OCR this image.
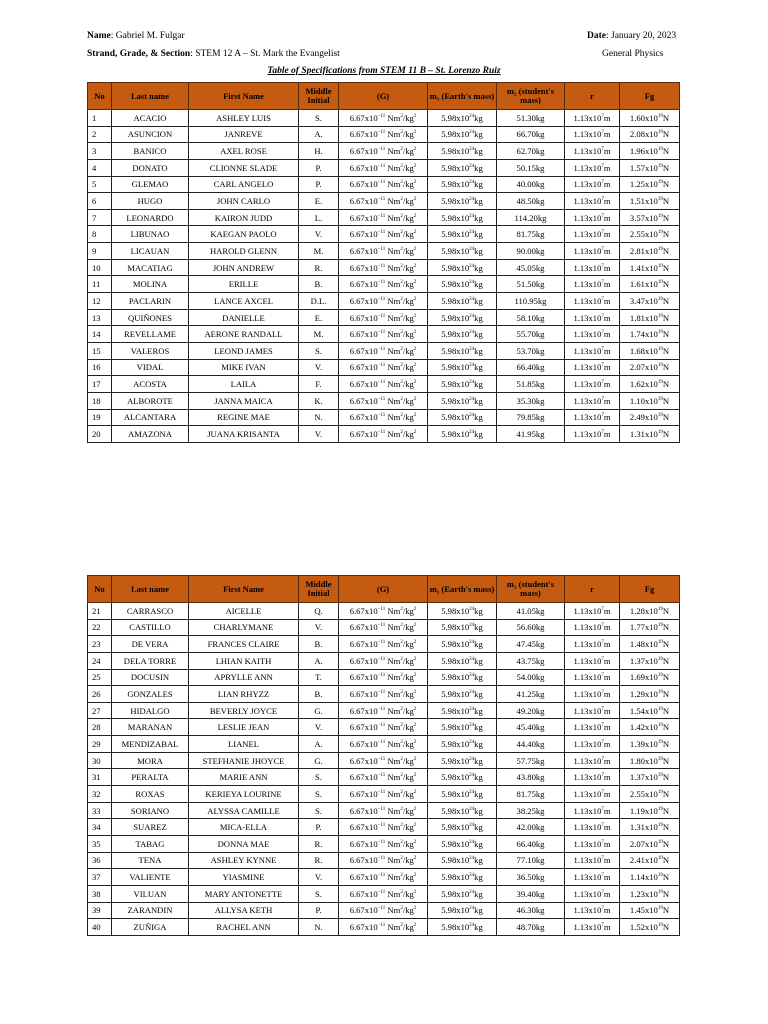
Name: Gabriel M. Fulgar	Date: January 20, 2023
Strand, Grade, & Section: STEM 12 A – St. Mark the Evangelist	General Physics
Table of Specifications from STEM 11 B – St. Lorenzo Ruiz
No	Last name	First Name	Middle Initial	(G)	m₁ (Earth's mass)	m₂ (student's mass)	r	Fg
1	ACACIO	ASHLEY LUIS	S.	$6.67x10^{-11}$ $Nm^2/kg^2$	$5.98x10^{24}kg$	51.30kg	$1.13x10^7m$	$1.60x10^{19}N$
2	ASUNCION	JANREVE	A.	$6.67x10^{-11}$ $Nm^2/kg^2$	$5.98x10^{24}kg$	66.70kg	$1.13x10^7m$	$2.08x10^{19}N$
3	BANICO	AXEL ROSE	H.	$6.67x10^{-11}$ $Nm^2/kg^2$	$5.98x10^{24}kg$	62.70kg	$1.13x10^7m$	$1.96x10^{19}N$
4	DONATO	CLIONNE SLADE	P.	$6.67x10^{-11}$ $Nm^2/kg^2$	$5.98x10^{24}kg$	50.15kg	$1.13x10^7m$	$1.57x10^{19}N$
5	GLEMAO	CARL ANGELO	P.	$6.67x10^{-11}$ $Nm^2/kg^2$	$5.98x10^{24}kg$	40.00kg	$1.13x10^7m$	$1.25x10^{19}N$
6	HUGO	JOHN CARLO	E.	$6.67x10^{-11}$ $Nm^2/kg^2$	$5.98x10^{24}kg$	48.50kg	$1.13x10^7m$	$1.51x10^{19}N$
7	LEONARDO	KAIRON JUDD	L.	$6.67x10^{-11}$ $Nm^2/kg^2$	$5.98x10^{24}kg$	114.20kg	$1.13x10^7m$	$3.57x10^{19}N$
8	LIBUNAO	KAEGAN PAOLO	V.	$6.67x10^{-11}$ $Nm^2/kg^2$	$5.98x10^{24}kg$	81.75kg	$1.13x10^7m$	$2.55x10^{19}N$
9	LICAUAN	HAROLD GLENN	M.	$6.67x10^{-11}$ $Nm^2/kg^2$	$5.98x10^{24}kg$	90.00kg	$1.13x10^7m$	$2.81x10^{19}N$
10	MACATIAG	JOHN ANDREW	R.	$6.67x10^{-11}$ $Nm^2/kg^2$	$5.98x10^{24}kg$	45.05kg	$1.13x10^7m$	$1.41x10^{19}N$
11	MOLINA	ERILLE	B.	$6.67x10^{-11}$ $Nm^2/kg^2$	$5.98x10^{24}kg$	51.50kg	$1.13x10^7m$	$1.61x10^{19}N$
12	PACLARIN	LANCE AXCEL	D.L.	$6.67x10^{-11}$ $Nm^2/kg^2$	$5.98x10^{24}kg$	110.95kg	$1.13x10^7m$	$3.47x10^{19}N$
13	QUIÑONES	DANIELLE	E.	$6.67x10^{-11}$ $Nm^2/kg^2$	$5.98x10^{24}kg$	58.10kg	$1.13x10^7m$	$1.81x10^{19}N$
14	REVELLAME	AERONE RANDALL	M.	$6.67x10^{-11}$ $Nm^2/kg^2$	$5.98x10^{24}kg$	55.70kg	$1.13x10^7m$	$1.74x10^{19}N$
15	VALEROS	LEOND JAMES	S.	$6.67x10^{-11}$ $Nm^2/kg^2$	$5.98x10^{24}kg$	53.70kg	$1.13x10^7m$	$1.68x10^{19}N$
16	VIDAL	MIKE IVAN	V.	$6.67x10^{-11}$ $Nm^2/kg^2$	$5.98x10^{24}kg$	66.40kg	$1.13x10^7m$	$2.07x10^{19}N$
17	ACOSTA	LAILA	F.	$6.67x10^{-11}$ $Nm^2/kg^2$	$5.98x10^{24}kg$	51.85kg	$1.13x10^7m$	$1.62x10^{19}N$
18	ALBOROTE	JANNA MAICA	K.	$6.67x10^{-11}$ $Nm^2/kg^2$	$5.98x10^{24}kg$	35.30kg	$1.13x10^7m$	$1.10x10^{19}N$
19	ALCANTARA	REGINE MAE	N.	$6.67x10^{-11}$ $Nm^2/kg^2$	$5.98x10^{24}kg$	79.85kg	$1.13x10^7m$	$2.49x10^{19}N$
20	AMAZONA	JUANA KRISANTA	V.	$6.67x10^{-11}$ $Nm^2/kg^2$	$5.98x10^{24}kg$	41.95kg	$1.13x10^7m$	$1.31x10^{19}N$
No	Last name	First Name	Middle Initial	(G)	m₁ (Earth's mass)	m₂ (student's mass)	r	Fg
21	CARRASCO	AICELLE	Q.	$6.67x10^{-11}$ $Nm^2/kg^2$	$5.98x10^{24}kg$	41.05kg	$1.13x10^7m$	$1.28x10^{19}N$
22	CASTILLO	CHARLYMANE	V.	$6.67x10^{-11}$ $Nm^2/kg^2$	$5.98x10^{24}kg$	56.60kg	$1.13x10^7m$	$1.77x10^{19}N$
23	DE VERA	FRANCES CLAIRE	B.	$6.67x10^{-11}$ $Nm^2/kg^2$	$5.98x10^{24}kg$	47.45kg	$1.13x10^7m$	$1.48x10^{19}N$
24	DELA TORRE	LHIAN KAITH	A.	$6.67x10^{-11}$ $Nm^2/kg^2$	$5.98x10^{24}kg$	43.75kg	$1.13x10^7m$	$1.37x10^{19}N$
25	DOCUSIN	APRYLLE ANN	T.	$6.67x10^{-11}$ $Nm^2/kg^2$	$5.98x10^{24}kg$	54.00kg	$1.13x10^7m$	$1.69x10^{19}N$
26	GONZALES	LIAN RHYZZ	B.	$6.67x10^{-11}$ $Nm^2/kg^2$	$5.98x10^{24}kg$	41.25kg	$1.13x10^7m$	$1.29x10^{19}N$
27	HIDALGO	BEVERLY JOYCE	G.	$6.67x10^{-11}$ $Nm^2/kg^2$	$5.98x10^{24}kg$	49.20kg	$1.13x10^7m$	$1.54x10^{19}N$
28	MARANAN	LESLIE JEAN	V.	$6.67x10^{-11}$ $Nm^2/kg^2$	$5.98x10^{24}kg$	45.40kg	$1.13x10^7m$	$1.42x10^{19}N$
29	MENDIZABAL	LIANEL	A.	$6.67x10^{-11}$ $Nm^2/kg^2$	$5.98x10^{24}kg$	44.40kg	$1.13x10^7m$	$1.39x10^{19}N$
30	MORA	STEFHANIE JHOYCE	G.	$6.67x10^{-11}$ $Nm^2/kg^2$	$5.98x10^{24}kg$	57.75kg	$1.13x10^7m$	$1.80x10^{19}N$
31	PERALTA	MARIE ANN	S.	$6.67x10^{-11}$ $Nm^2/kg^2$	$5.98x10^{24}kg$	43.80kg	$1.13x10^7m$	$1.37x10^{19}N$
32	ROXAS	KERIEYA LOURINE	S.	$6.67x10^{-11}$ $Nm^2/kg^2$	$5.98x10^{24}kg$	81.75kg	$1.13x10^7m$	$2.55x10^{19}N$
33	SORIANO	ALYSSA CAMILLE	S.	$6.67x10^{-11}$ $Nm^2/kg^2$	$5.98x10^{24}kg$	38.25kg	$1.13x10^7m$	$1.19x10^{19}N$
34	SUAREZ	MICA-ELLA	P.	$6.67x10^{-11}$ $Nm^2/kg^2$	$5.98x10^{24}kg$	42.00kg	$1.13x10^7m$	$1.31x10^{19}N$
35	TABAG	DONNA MAE	R.	$6.67x10^{-11}$ $Nm^2/kg^2$	$5.98x10^{24}kg$	66.40kg	$1.13x10^7m$	$2.07x10^{19}N$
36	TENA	ASHLEY KYNNE	R.	$6.67x10^{-11}$ $Nm^2/kg^2$	$5.98x10^{24}kg$	77.10kg	$1.13x10^7m$	$2.41x10^{19}N$
37	VALIENTE	YIASMINE	V.	$6.67x10^{-11}$ $Nm^2/kg^2$	$5.98x10^{24}kg$	36.50kg	$1.13x10^7m$	$1.14x10^{19}N$
38	VILUAN	MARY ANTONETTE	S.	$6.67x10^{-11}$ $Nm^2/kg^2$	$5.98x10^{24}kg$	39.40kg	$1.13x10^7m$	$1.23x10^{19}N$
39	ZARANDIN	ALLYSA KETH	P.	$6.67x10^{-11}$ $Nm^2/kg^2$	$5.98x10^{24}kg$	46.30kg	$1.13x10^7m$	$1.45x10^{19}N$
40	ZUÑIGA	RACHEL ANN	N.	$6.67x10^{-11}$ $Nm^2/kg^2$	$5.98x10^{24}kg$	48.70kg	$1.13x10^7m$	$1.52x10^{19}N$
